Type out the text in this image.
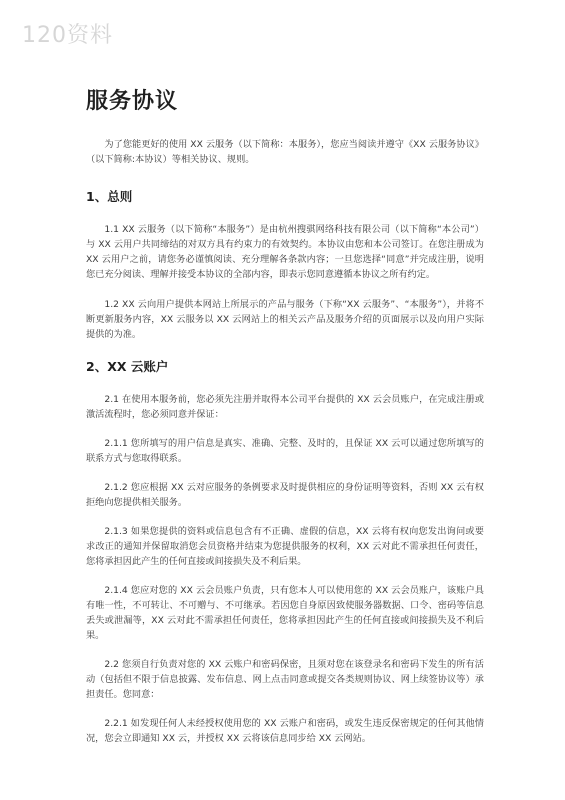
120资料
服务协议

为了您能更好的使用 XX 云服务（以下简称：本服务），您应当阅读并遵守《XX 云服务协议》（以下简称:本协议）等相关协议、规则。

1、总则

1.1 XX 云服务（以下简称“本服务”）是由杭州搜骐网络科技有限公司（以下简称“本公司”）与 XX 云用户共同缔结的对双方具有约束力的有效契约。本协议由您和本公司签订。在您注册成为 XX 云用户之前，请您务必谨慎阅读、充分理解各条款内容；一旦您选择“同意”并完成注册，说明您已充分阅读、理解并接受本协议的全部内容，即表示您同意遵循本协议之所有约定。

1.2 XX 云向用户提供本网站上所展示的产品与服务（下称“XX 云服务”、“本服务”），并将不断更新服务内容，XX 云服务以 XX 云网站上的相关云产品及服务介绍的页面展示以及向用户实际提供的为准。

2、XX 云账户

2.1 在使用本服务前，您必须先注册并取得本公司平台提供的 XX 云会员账户，在完成注册或激活流程时，您必须同意并保证：

2.1.1 您所填写的用户信息是真实、准确、完整、及时的，且保证 XX 云可以通过您所填写的联系方式与您取得联系。

2.1.2 您应根据 XX 云对应服务的条例要求及时提供相应的身份证明等资料，否则 XX 云有权拒绝向您提供相关服务。

2.1.3 如果您提供的资料或信息包含有不正确、虚假的信息，XX 云将有权向您发出询问或要求改正的通知并保留取消您会员资格并结束为您提供服务的权利，XX 云对此不需承担任何责任，您将承担因此产生的任何直接或间接损失及不利后果。

2.1.4 您应对您的 XX 云会员账户负责，只有您本人可以使用您的 XX 云会员账户，该账户具有唯一性，不可转让、不可赠与、不可继承。若因您自身原因致使服务器数据、口令、密码等信息丢失或泄漏等，XX 云对此不需承担任何责任，您将承担因此产生的任何直接或间接损失及不利后果。

2.2 您须自行负责对您的 XX 云账户和密码保密，且须对您在该登录名和密码下发生的所有活动（包括但不限于信息披露、发布信息、网上点击同意或提交各类规则协议、网上续签协议等）承担责任。您同意：

2.2.1 如发现任何人未经授权使用您的 XX 云账户和密码，或发生违反保密规定的任何其他情况，您会立即通知 XX 云，并授权 XX 云将该信息同步给 XX 云网站。
